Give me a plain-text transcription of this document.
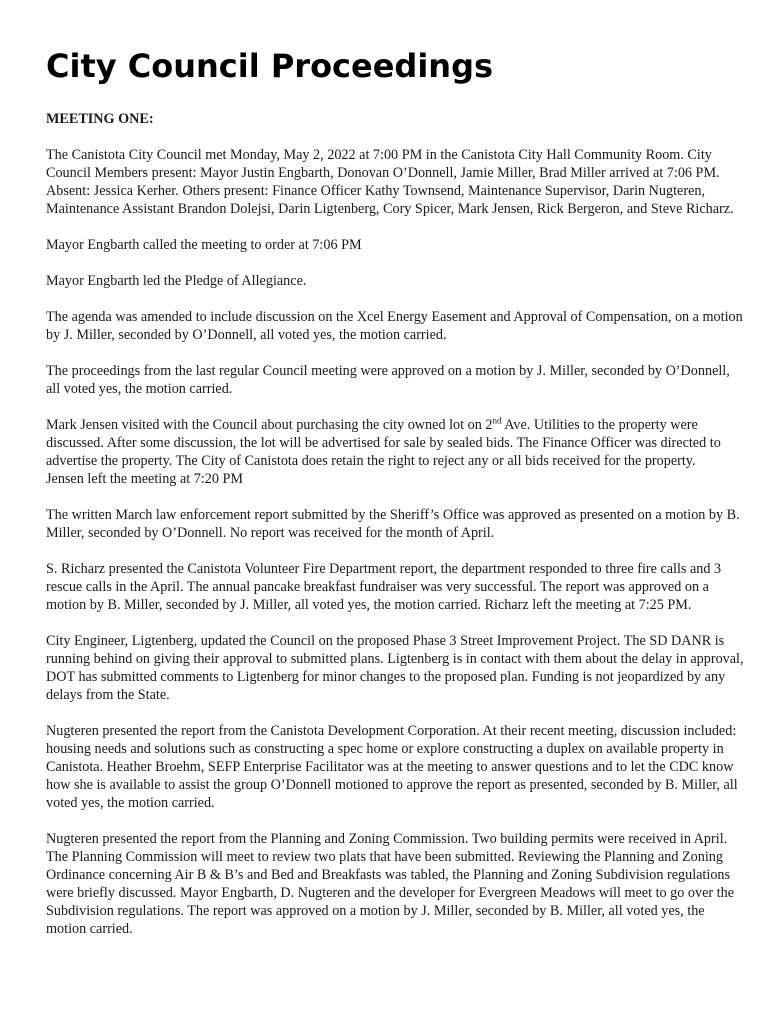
City Council Proceedings
MEETING ONE:

The Canistota City Council met Monday, May 2, 2022 at 7:00 PM in the Canistota City Hall Community Room. City Council Members present: Mayor Justin Engbarth, Donovan O’Donnell, Jamie Miller, Brad Miller arrived at 7:06 PM. Absent: Jessica Kerher. Others present: Finance Officer Kathy Townsend, Maintenance Supervisor, Darin Nugteren, Maintenance Assistant Brandon Dolejsi, Darin Ligtenberg, Cory Spicer, Mark Jensen, Rick Bergeron, and Steve Richarz.

Mayor Engbarth called the meeting to order at 7:06 PM

Mayor Engbarth led the Pledge of Allegiance.

The agenda was amended to include discussion on the Xcel Energy Easement and Approval of Compensation, on a motion by J. Miller, seconded by O’Donnell, all voted yes, the motion carried.

The proceedings from the last regular Council meeting were approved on a motion by J. Miller, seconded by O’Donnell, all voted yes, the motion carried.

Mark Jensen visited with the Council about purchasing the city owned lot on 2nd Ave. Utilities to the property were discussed. After some discussion, the lot will be advertised for sale by sealed bids. The Finance Officer was directed to advertise the property. The City of Canistota does retain the right to reject any or all bids received for the property.

Jensen left the meeting at 7:20 PM

The written March law enforcement report submitted by the Sheriff’s Office was approved as presented on a motion by B. Miller, seconded by O’Donnell. No report was received for the month of April.

S. Richarz presented the Canistota Volunteer Fire Department report, the department responded to three fire calls and 3 rescue calls in the April. The annual pancake breakfast fundraiser was very successful. The report was approved on a motion by B. Miller, seconded by J. Miller, all voted yes, the motion carried. Richarz left the meeting at 7:25 PM.

City Engineer, Ligtenberg, updated the Council on the proposed Phase 3 Street Improvement Project. The SD DANR is running behind on giving their approval to submitted plans. Ligtenberg is in contact with them about the delay in approval, DOT has submitted comments to Ligtenberg for minor changes to the proposed plan. Funding is not jeopardized by any delays from the State.

Nugteren presented the report from the Canistota Development Corporation. At their recent meeting, discussion included: housing needs and solutions such as constructing a spec home or explore constructing a duplex on available property in Canistota. Heather Broehm, SEFP Enterprise Facilitator was at the meeting to answer questions and to let the CDC know how she is available to assist the group O’Donnell motioned to approve the report as presented, seconded by B. Miller, all voted yes, the motion carried.

Nugteren presented the report from the Planning and Zoning Commission. Two building permits were received in April. The Planning Commission will meet to review two plats that have been submitted. Reviewing the Planning and Zoning Ordinance concerning Air B & B’s and Bed and Breakfasts was tabled, the Planning and Zoning Subdivision regulations were briefly discussed. Mayor Engbarth, D. Nugteren and the developer for Evergreen Meadows will meet to go over the Subdivision regulations. The report was approved on a motion by J. Miller, seconded by B. Miller, all voted yes, the motion carried.
